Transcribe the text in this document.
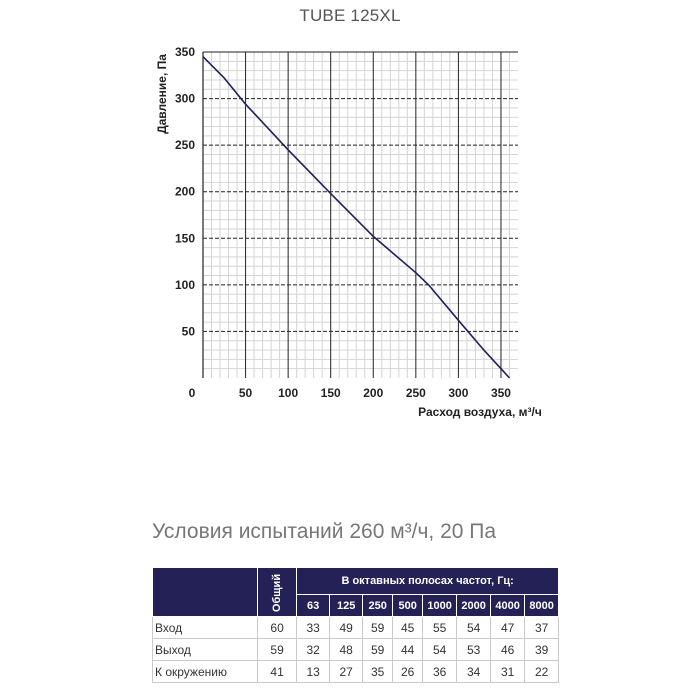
TUBE 125XL
0	50 100 150 200 250 300 350
50
100
150
200
250
300
350
Расход воздуха, м³/ч
Давление, Па
Условия испытаний 260 м³/ч, 20 Па
	Общий	В октавных полосах частот, Гц:							
		63	125	250	500	1000	2000	4000	8000
Вход	60	33	49	59	45	55	54	47	37
Выход	59	32	48	59	44	54	53	46	39
К окружению	41	13	27	35	26	36	34	31	22
